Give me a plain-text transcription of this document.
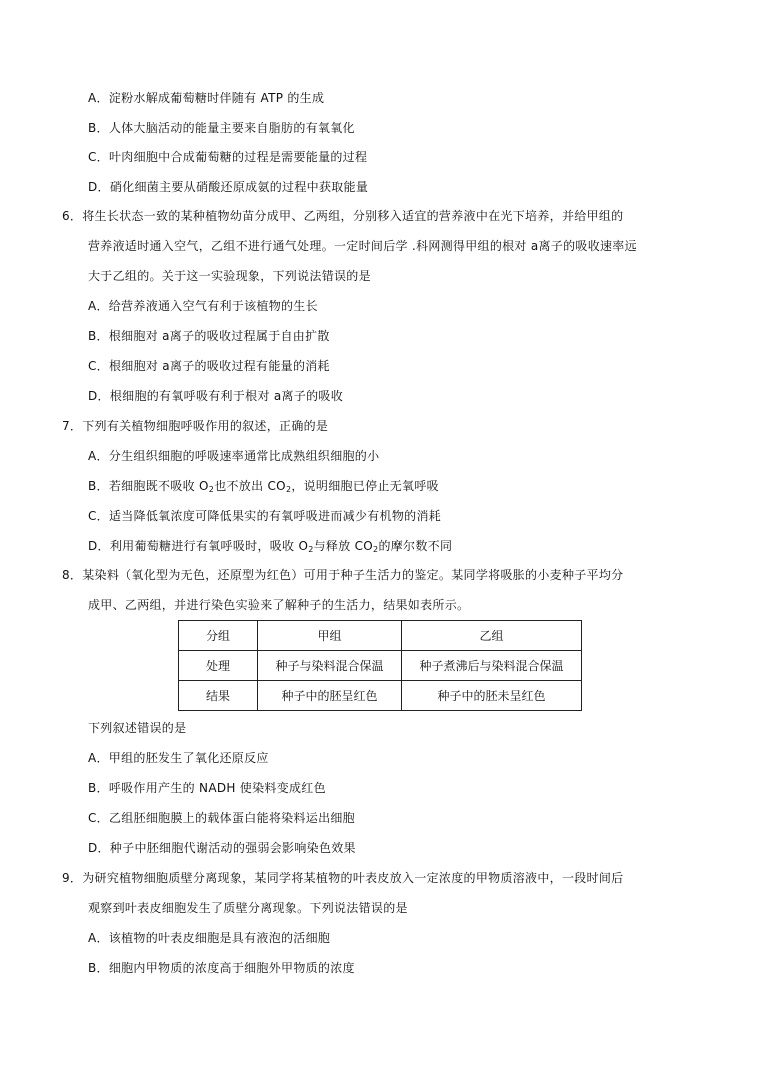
A．淀粉水解成葡萄糖时伴随有 ATP 的生成
B．人体大脑活动的能量主要来自脂肪的有氧氧化
C．叶肉细胞中合成葡萄糖的过程是需要能量的过程
D．硝化细菌主要从硝酸还原成氨的过程中获取能量
6．将生长状态一致的某种植物幼苗分成甲、乙两组，分别移入适宜的营养液中在光下培养，并给甲组的
营养液适时通入空气，乙组不进行通气处理。一定时间后学 .科网测得甲组的根对 a离子的吸收速率远
大于乙组的。关于这一实验现象，下列说法错误的是
A．给营养液通入空气有利于该植物的生长
B．根细胞对 a离子的吸收过程属于自由扩散
C．根细胞对 a离子的吸收过程有能量的消耗
D．根细胞的有氧呼吸有利于根对 a离子的吸收
7．下列有关植物细胞呼吸作用的叙述，正确的是
A．分生组织细胞的呼吸速率通常比成熟组织细胞的小
B．若细胞既不吸收 $O_2$也不放出 $CO_2$，说明细胞已停止无氧呼吸
C．适当降低氧浓度可降低果实的有氧呼吸进而减少有机物的消耗
D．利用葡萄糖进行有氧呼吸时，吸收 $O_2$与释放 $CO_2$的摩尔数不同
8．某染料（氧化型为无色，还原型为红色）可用于种子生活力的鉴定。某同学将吸胀的小麦种子平均分
成甲、乙两组，并进行染色实验来了解种子的生活力，结果如表所示。
分组	甲组	乙组
处理	种子与染料混合保温	种子煮沸后与染料混合保温
结果	种子中的胚呈红色	种子中的胚未呈红色
下列叙述错误的是
A．甲组的胚发生了氧化还原反应
B．呼吸作用产生的 NADH 使染料变成红色
C．乙组胚细胞膜上的载体蛋白能将染料运出细胞
D．种子中胚细胞代谢活动的强弱会影响染色效果
9．为研究植物细胞质壁分离现象，某同学将某植物的叶表皮放入一定浓度的甲物质溶液中，一段时间后
观察到叶表皮细胞发生了质壁分离现象。下列说法错误的是
A．该植物的叶表皮细胞是具有液泡的活细胞
B．细胞内甲物质的浓度高于细胞外甲物质的浓度
